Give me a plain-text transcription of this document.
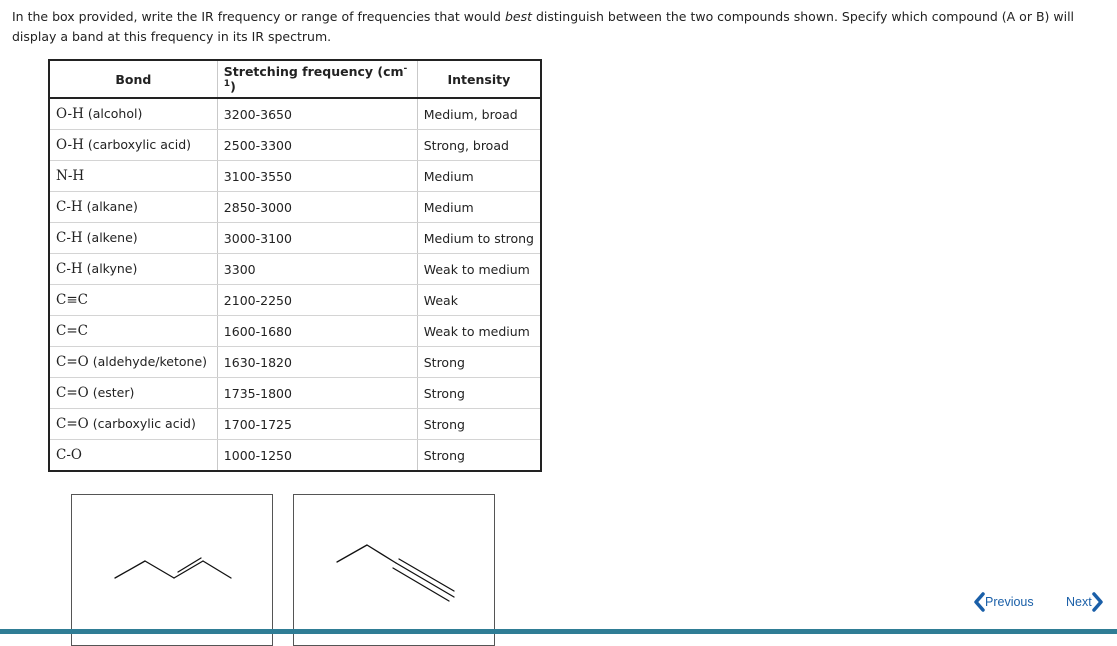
In the box provided, write the IR frequency or range of frequencies that would best distinguish between the two compounds shown. Specify which compound (A or B) will display a band at this frequency in its IR spectrum.
Bond	Stretching frequency $(cm^{-1})$	Intensity
O-H (alcohol)	3200-3650	Medium, broad
O-H (carboxylic acid)	2500-3300	Strong, broad
N-H	3100-3550	Medium
C-H (alkane)	2850-3000	Medium
C-H (alkene)	3000-3100	Medium to strong
C-H (alkyne)	3300	Weak to medium
C≡C	2100-2250	Weak
C=C	1600-1680	Weak to medium
C=O (aldehyde/ketone)	1630-1820	Strong
C=O (ester)	1735-1800	Strong
C=O (carboxylic acid)	1700-1725	Strong
C-O	1000-1250	Strong
Previous	Next
